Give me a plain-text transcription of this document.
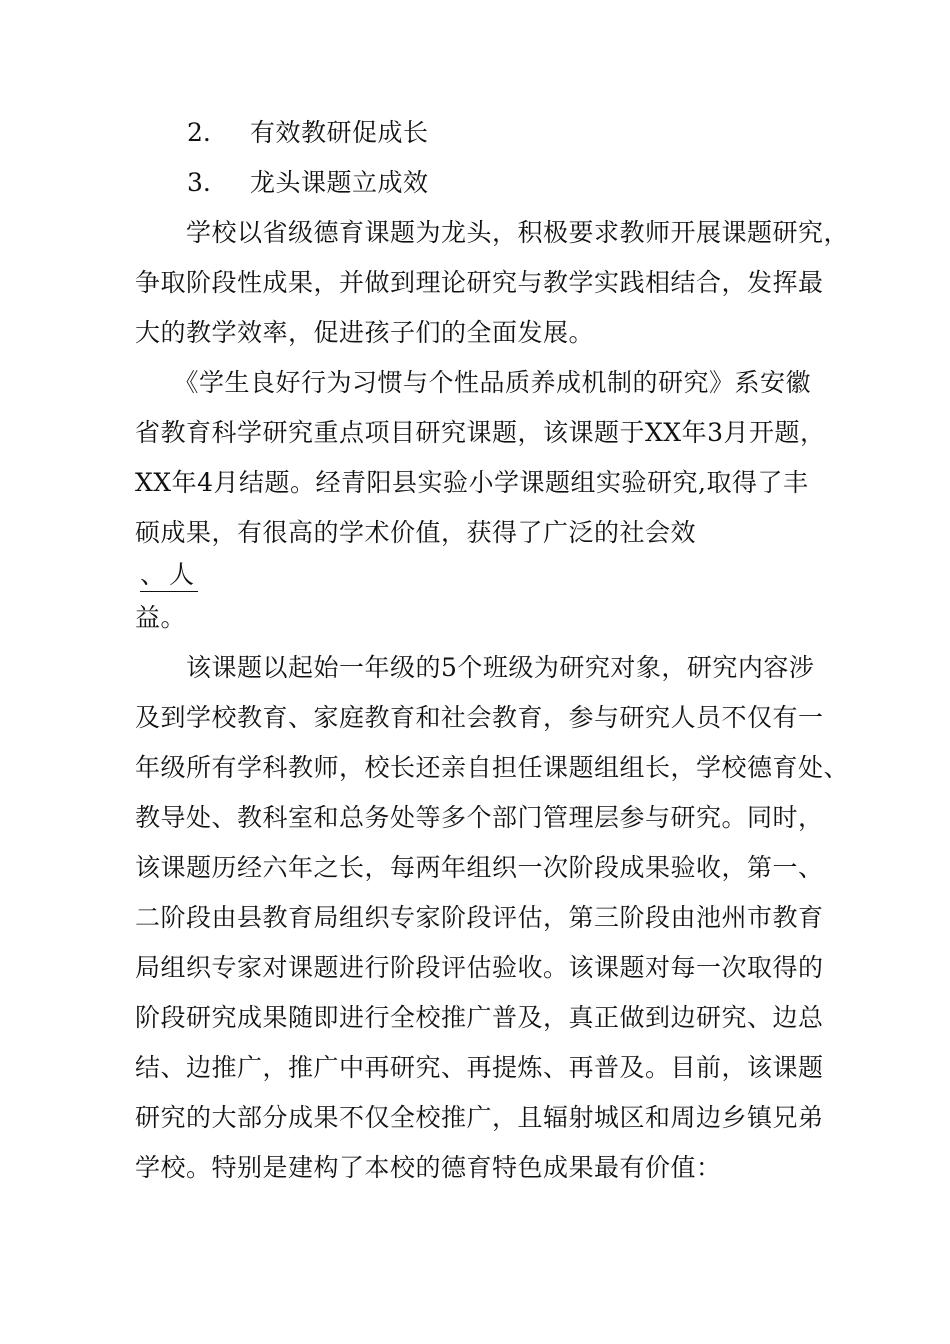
2. 有效教研促成长
3. 龙头课题立成效
　　学校以省级德育课题为龙头，积极要求教师开展课题研究，
争取阶段性成果，并做到理论研究与教学实践相结合，发挥最
大的教学效率，促进孩子们的全面发展。
　　《学生良好行为习惯与个性品质养成机制的研究》系安徽
省教育科学研究重点项目研究课题，该课题于XX年3月开题，
XX年4月结题。经青阳县实验小学课题组实验研究,取得了丰
硕成果，有很高的学术价值，获得了广泛的社会效
、人
益。
　　该课题以起始一年级的5个班级为研究对象，研究内容涉
及到学校教育、家庭教育和社会教育，参与研究人员不仅有一
年级所有学科教师，校长还亲自担任课题组组长，学校德育处、
教导处、教科室和总务处等多个部门管理层参与研究。同时，
该课题历经六年之长，每两年组织一次阶段成果验收，第一、
二阶段由县教育局组织专家阶段评估，第三阶段由池州市教育
局组织专家对课题进行阶段评估验收。该课题对每一次取得的
阶段研究成果随即进行全校推广普及，真正做到边研究、边总
结、边推广，推广中再研究、再提炼、再普及。目前，该课题
研究的大部分成果不仅全校推广，且辐射城区和周边乡镇兄弟
学校。特别是建构了本校的德育特色成果最有价值：
